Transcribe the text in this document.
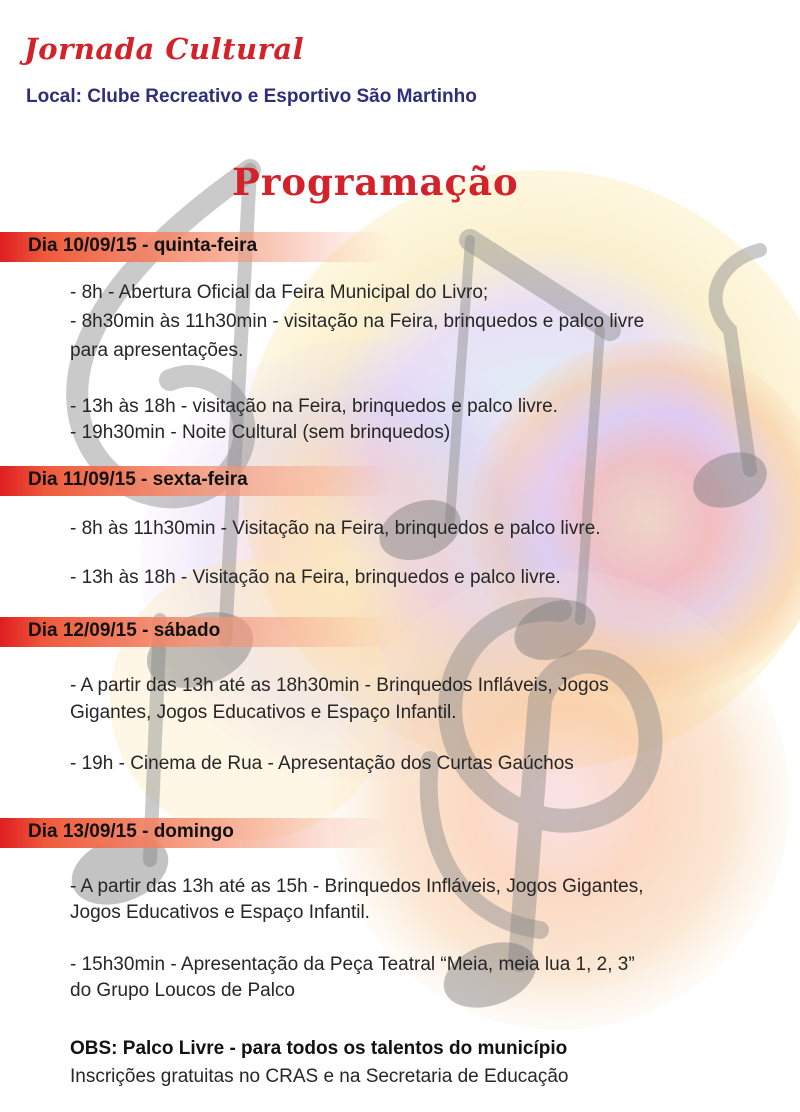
Jornada Cultural
Local: Clube Recreativo e Esportivo São Martinho
Programação
Dia 10/09/15 - quinta-feira
- 8h - Abertura Oficial da Feira Municipal do Livro;
- 8h30min às 11h30min - visitação na Feira, brinquedos e palco livre
para apresentações.
- 13h às 18h - visitação na Feira, brinquedos e palco livre.
- 19h30min - Noite Cultural (sem brinquedos)
Dia 11/09/15 - sexta-feira
- 8h às 11h30min - Visitação na Feira, brinquedos e palco livre.
- 13h às 18h - Visitação na Feira, brinquedos e palco livre.
Dia 12/09/15 - sábado
- A partir das 13h até as 18h30min - Brinquedos Infláveis, Jogos
Gigantes, Jogos Educativos e Espaço Infantil.
- 19h - Cinema de Rua - Apresentação dos Curtas Gaúchos
Dia 13/09/15 - domingo
- A partir das 13h até as 15h - Brinquedos Infláveis, Jogos Gigantes,
Jogos Educativos e Espaço Infantil.
- 15h30min - Apresentação da Peça Teatral “Meia, meia lua 1, 2, 3”
do Grupo Loucos de Palco
OBS: Palco Livre - para todos os talentos do município
Inscrições gratuitas no CRAS e na Secretaria de Educação
